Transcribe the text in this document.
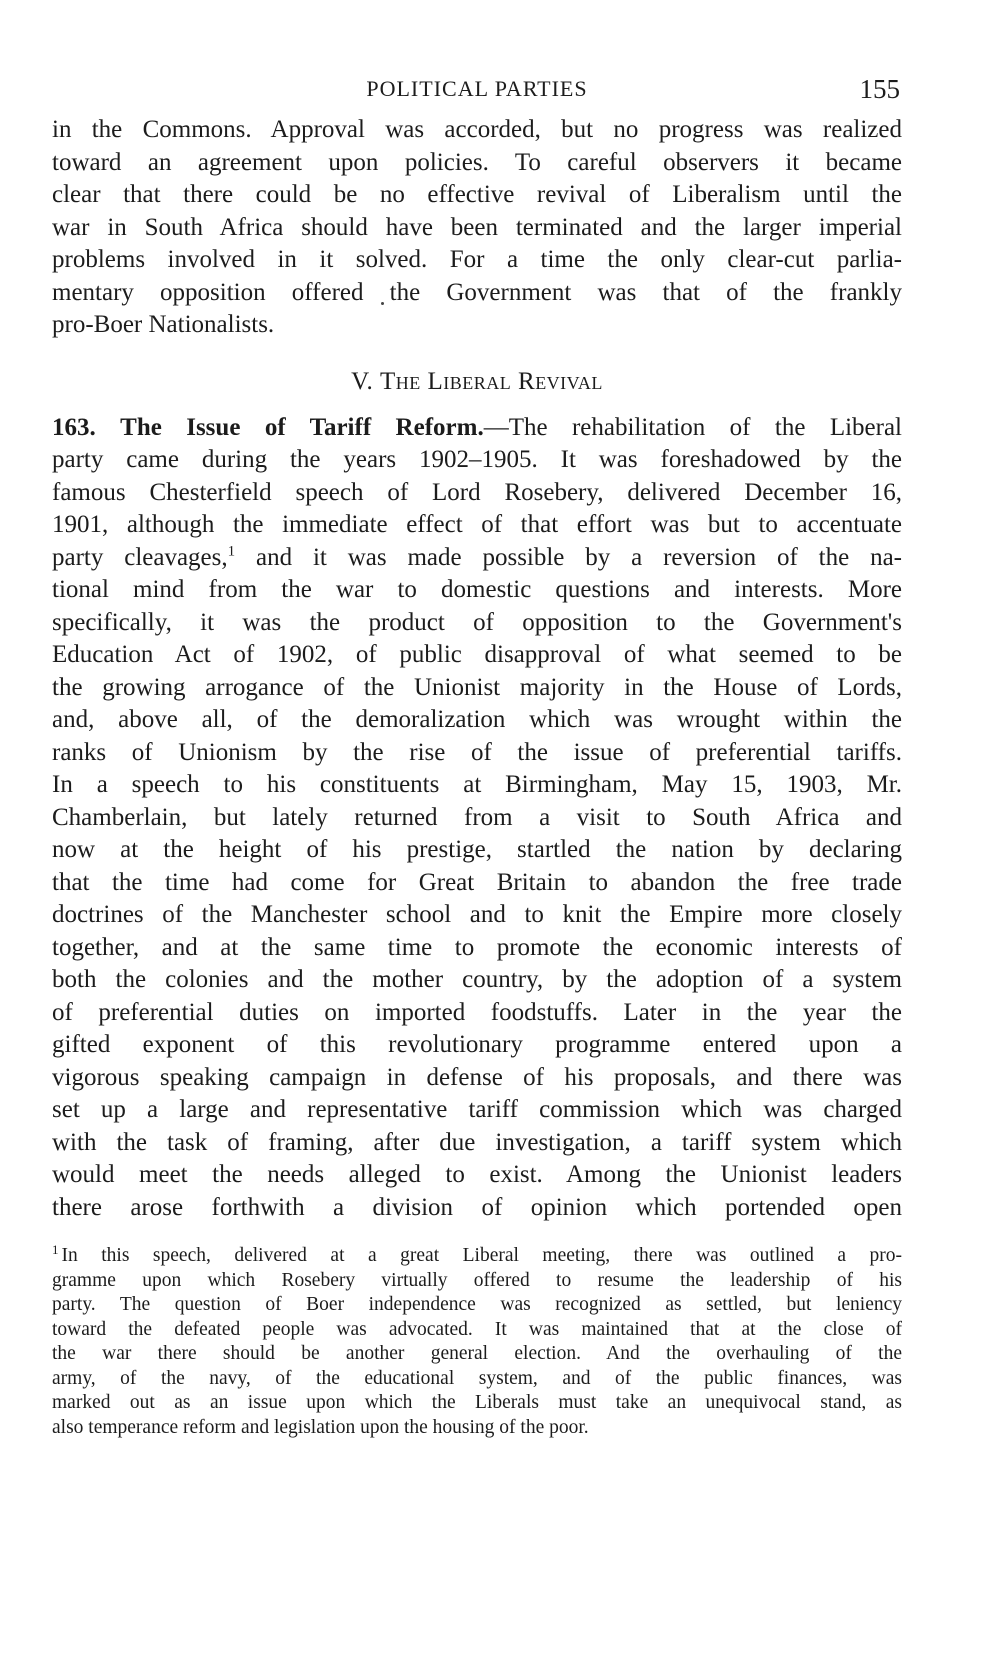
POLITICAL PARTIES	155

in the Commons. Approval was accorded, but no progress was realized
toward an agreement upon policies. To careful observers it became
clear that there could be no effective revival of Liberalism until the
war in South Africa should have been terminated and the larger imperial
problems involved in it solved. For a time the only clear-cut parlia-
mentary opposition offered the Government was that of the frankly
pro-Boer Nationalists.

V. The Liberal Revival

163. The Issue of Tariff Reform.—The rehabilitation of the Liberal
party came during the years 1902–1905. It was foreshadowed by the
famous Chesterfield speech of Lord Rosebery, delivered December 16,
1901, although the immediate effect of that effort was but to accentuate
party cleavages,$^1$ and it was made possible by a reversion of the na-
tional mind from the war to domestic questions and interests. More
specifically, it was the product of opposition to the Government's
Education Act of 1902, of public disapproval of what seemed to be
the growing arrogance of the Unionist majority in the House of Lords,
and, above all, of the demoralization which was wrought within the
ranks of Unionism by the rise of the issue of preferential tariffs.
In a speech to his constituents at Birmingham, May 15, 1903, Mr.
Chamberlain, but lately returned from a visit to South Africa and
now at the height of his prestige, startled the nation by declaring
that the time had come for Great Britain to abandon the free trade
doctrines of the Manchester school and to knit the Empire more closely
together, and at the same time to promote the economic interests of
both the colonies and the mother country, by the adoption of a system
of preferential duties on imported foodstuffs. Later in the year the
gifted exponent of this revolutionary programme entered upon a
vigorous speaking campaign in defense of his proposals, and there was
set up a large and representative tariff commission which was charged
with the task of framing, after due investigation, a tariff system which
would meet the needs alleged to exist. Among the Unionist leaders
there arose forthwith a division of opinion which portended open

$^1$ In this speech, delivered at a great Liberal meeting, there was outlined a pro-
gramme upon which Rosebery virtually offered to resume the leadership of his
party. The question of Boer independence was recognized as settled, but leniency
toward the defeated people was advocated. It was maintained that at the close of
the war there should be another general election. And the overhauling of the
army, of the navy, of the educational system, and of the public finances, was
marked out as an issue upon which the Liberals must take an unequivocal stand, as
also temperance reform and legislation upon the housing of the poor.
